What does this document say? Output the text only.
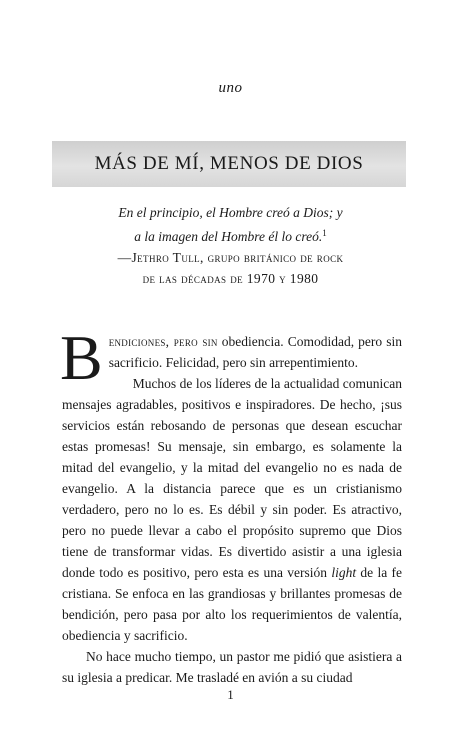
uno
MÁS DE MÍ, MENOS DE DIOS
En el principio, el Hombre creó a Dios; y
a la imagen del Hombre él lo creó.$^1$
—Jethro Tull, grupo británico de rock
de las décadas de 1970 y 1980

Bendiciones, pero sin obediencia. Comodidad, pero sin sacrificio. Felicidad, pero sin arrepentimiento.

Muchos de los líderes de la actualidad comunican mensajes agradables, positivos e inspiradores. De hecho, ¡sus servicios están rebosando de personas que desean escuchar estas promesas! Su mensaje, sin embargo, es solamente la mitad del evangelio, y la mitad del evangelio no es nada de evangelio. A la distancia parece que es un cristianismo verdadero, pero no lo es. Es débil y sin poder. Es atractivo, pero no puede llevar a cabo el propósito supremo que Dios tiene de transformar vidas. Es divertido asistir a una iglesia donde todo es positivo, pero esta es una versión light de la fe cristiana. Se enfoca en las grandiosas y brillantes promesas de bendición, pero pasa por alto los requerimientos de valentía, obediencia y sacrificio.

No hace mucho tiempo, un pastor me pidió que asistiera a su iglesia a predicar. Me trasladé en avión a su ciudad

1
